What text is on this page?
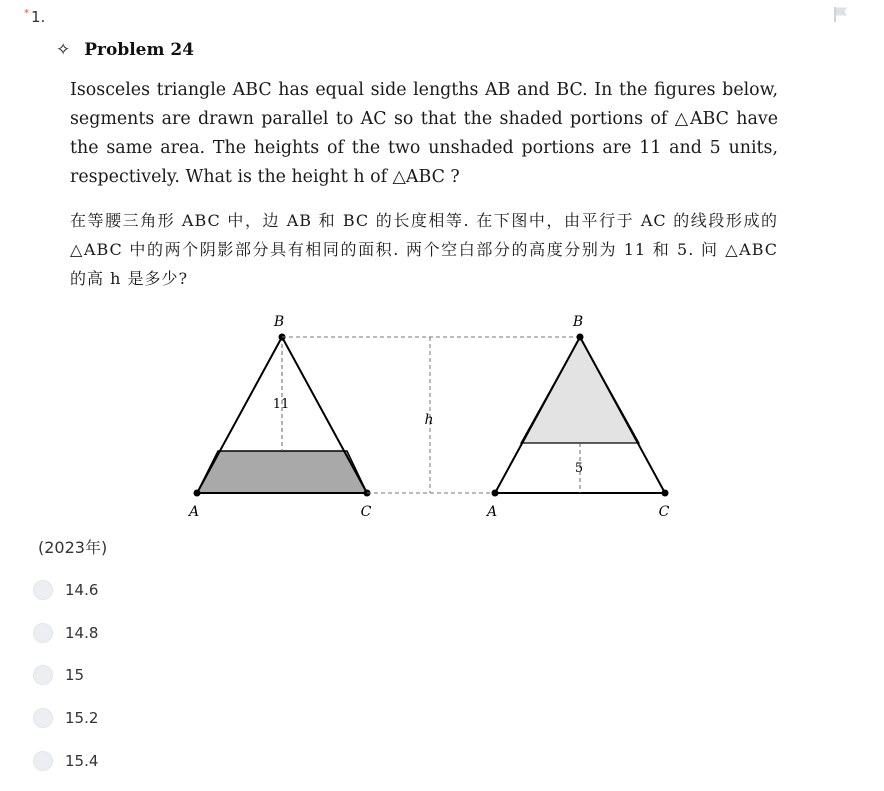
* 1.
✧ Problem 24
Isosceles triangle ABC has equal side lengths AB and BC. In the figures below, segments are drawn parallel to AC so that the shaded portions of △ABC have the same area. The heights of the two unshaded portions are 11 and 5 units, respectively. What is the height h of △ABC ?
在等腰三角形 ABC 中，边 AB 和 BC 的长度相等. 在下图中，由平行于 AC 的线段形成的 △ABC 中的两个阴影部分具有相同的面积. 两个空白部分的高度分别为 11 和 5. 问 △ABC 的高 h 是多少?
B
A	C
11
h
B
A	C
5
(2023年)
14.6
14.8
15
15.2
15.4
